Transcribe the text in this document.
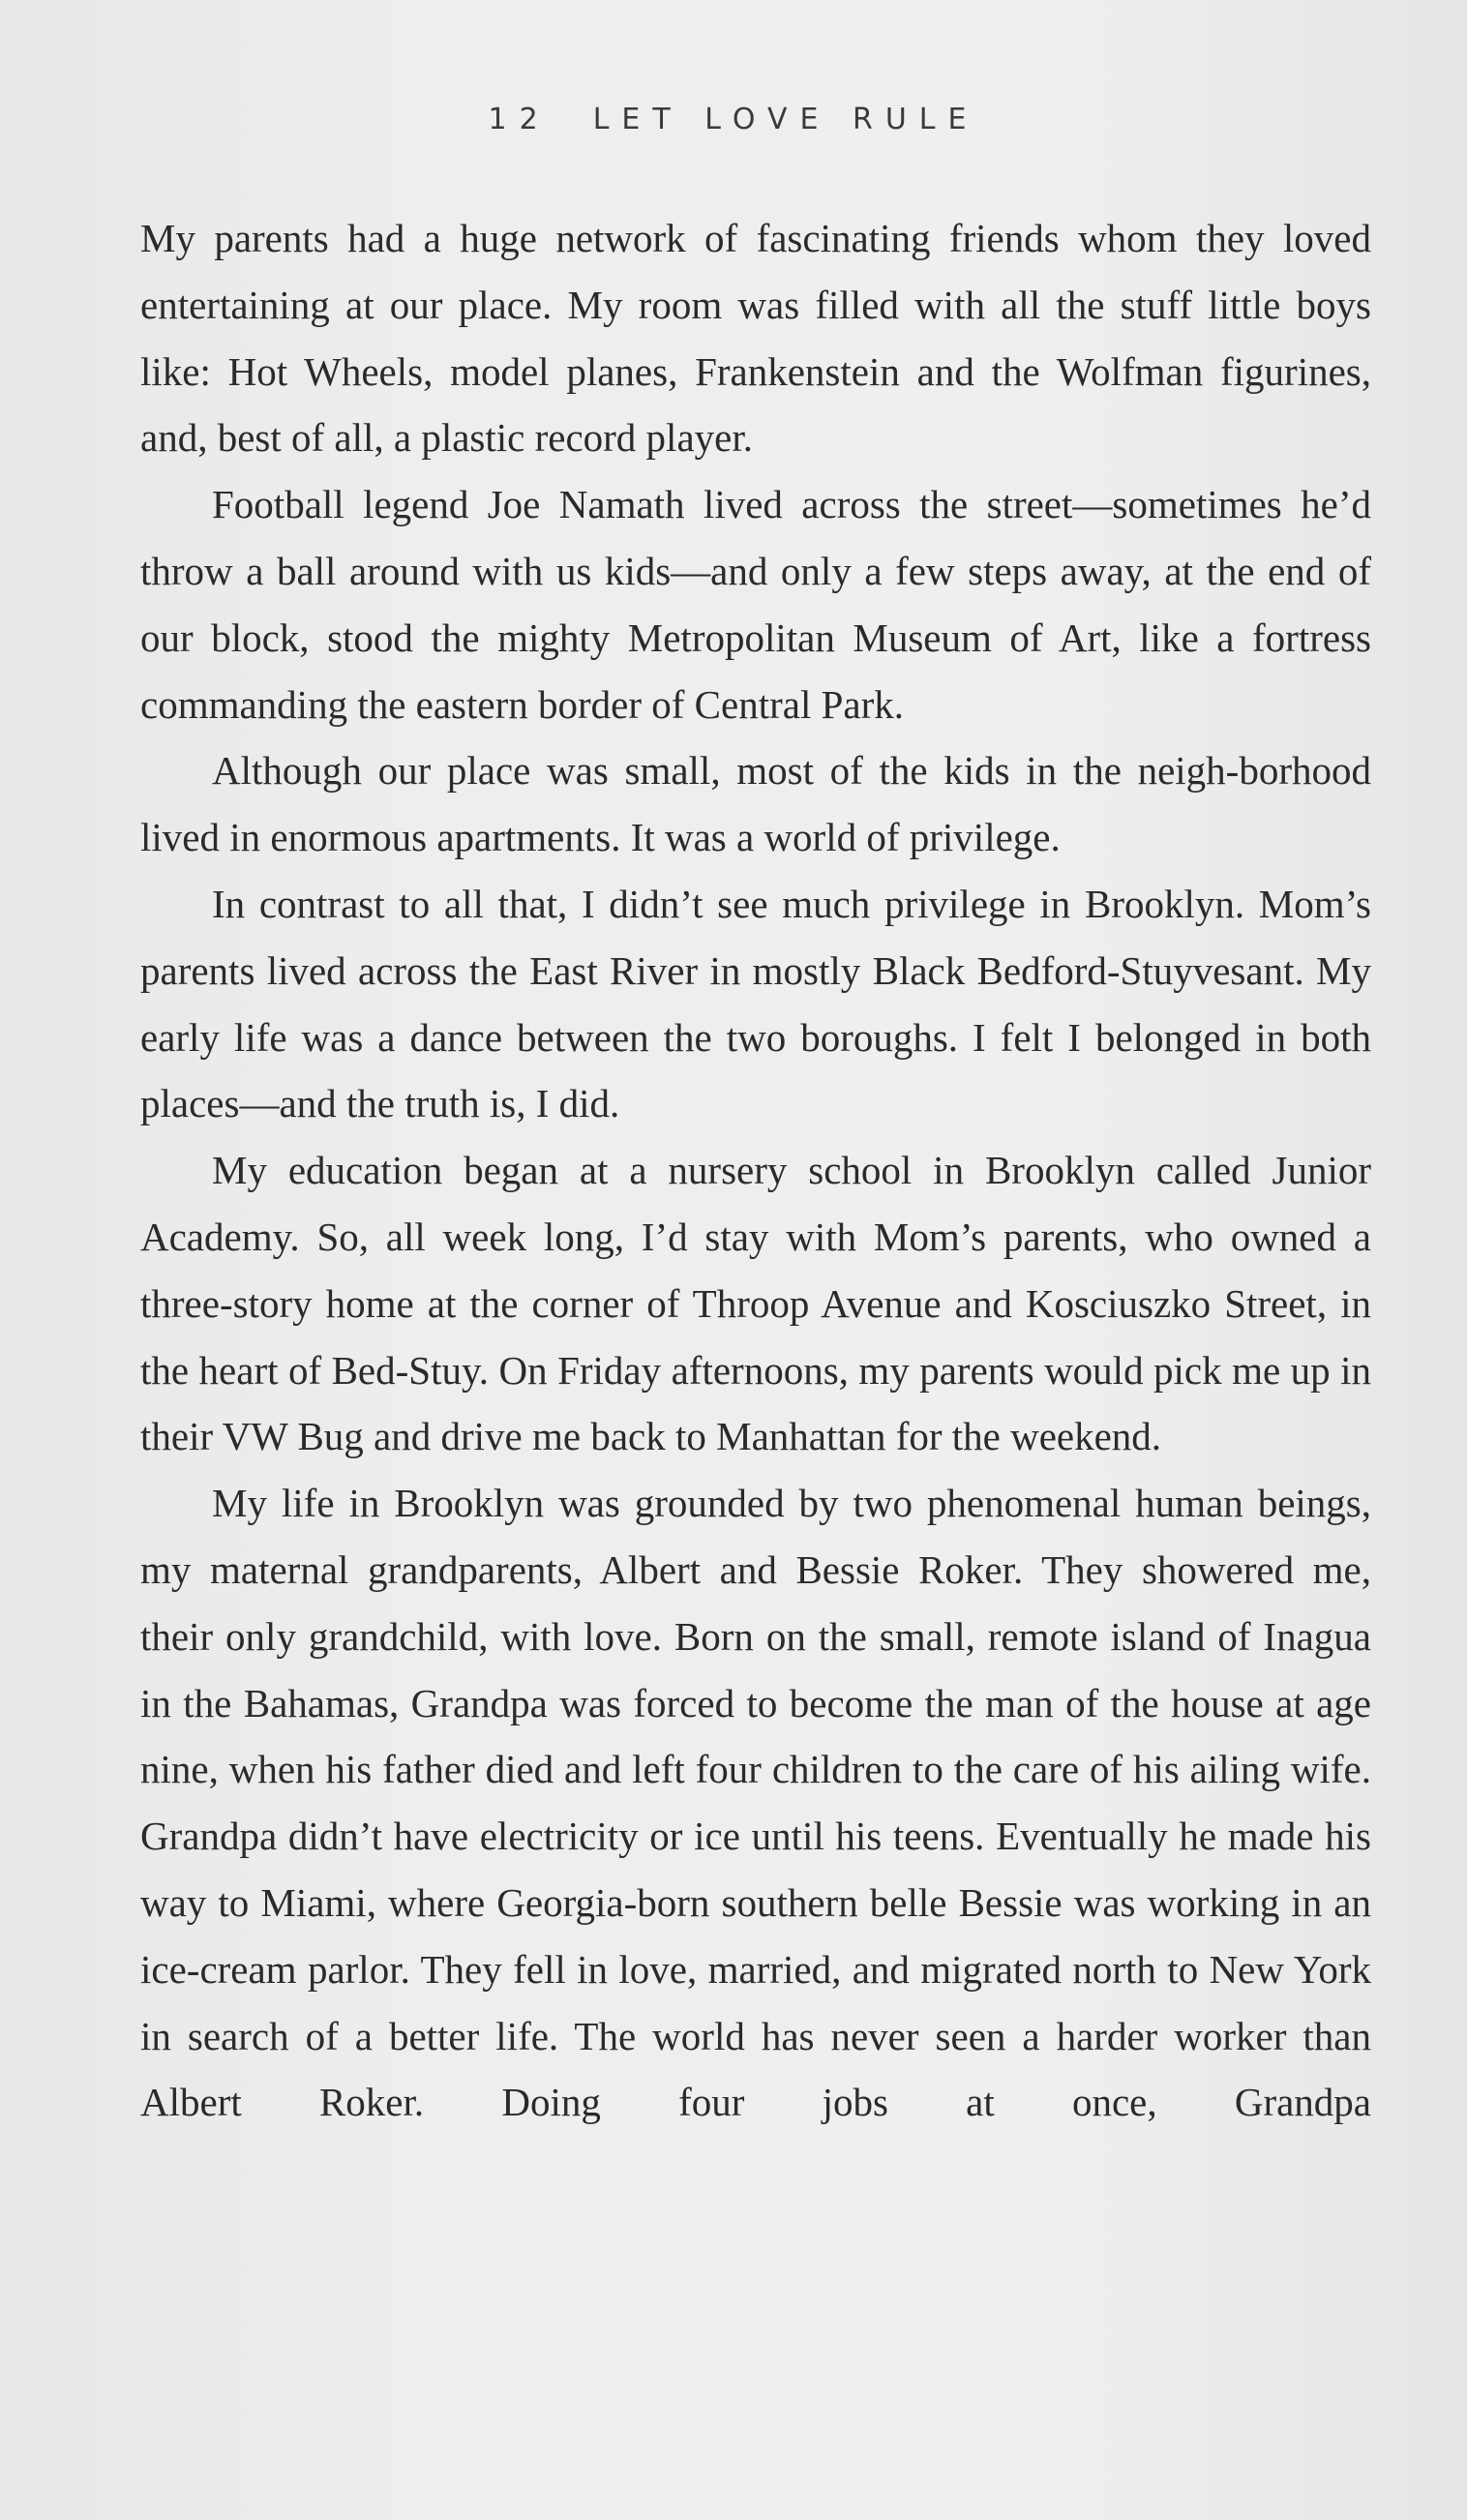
12 LET LOVE RULE

My parents had a huge network of fascinating friends whom they loved entertaining at our place. My room was filled with all the stuff little boys like: Hot Wheels, model planes, Frankenstein and the Wolfman figurines, and, best of all, a plastic record player.

Football legend Joe Namath lived across the street—sometimes he’d throw a ball around with us kids—and only a few steps away, at the end of our block, stood the mighty Metropolitan Museum of Art, like a fortress commanding the eastern border of Central Park.

Although our place was small, most of the kids in the neigh-borhood lived in enormous apartments. It was a world of privilege.

In contrast to all that, I didn’t see much privilege in Brooklyn. Mom’s parents lived across the East River in mostly Black Bedford-Stuyvesant. My early life was a dance between the two boroughs. I felt I belonged in both places—and the truth is, I did.

My education began at a nursery school in Brooklyn called Junior Academy. So, all week long, I’d stay with Mom’s parents, who owned a three-story home at the corner of Throop Avenue and Kosciuszko Street, in the heart of Bed-Stuy. On Friday afternoons, my parents would pick me up in their VW Bug and drive me back to Manhattan for the weekend.

My life in Brooklyn was grounded by two phenomenal human beings, my maternal grandparents, Albert and Bessie Roker. They showered me, their only grandchild, with love. Born on the small, remote island of Inagua in the Bahamas, Grandpa was forced to become the man of the house at age nine, when his father died and left four children to the care of his ailing wife. Grandpa didn’t have electricity or ice until his teens. Eventually he made his way to Miami, where Georgia-born southern belle Bessie was working in an ice-cream parlor. They fell in love, married, and migrated north to New York in search of a better life. The world has never seen a harder worker than Albert Roker. Doing four jobs at once, Grandpa
